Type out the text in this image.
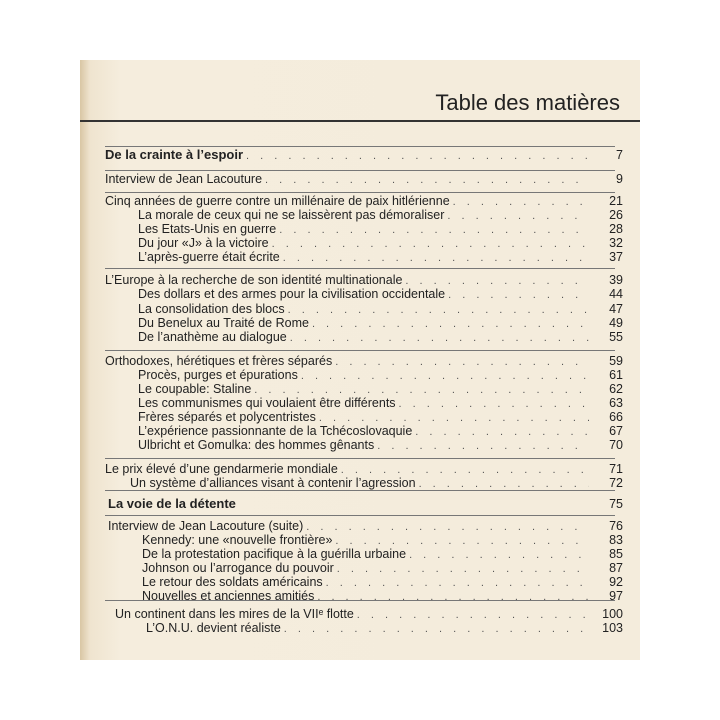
Table des matières
De la crainte à l’espoir . . .	7
Interview de Jean Lacouture . . .	9
Cinq années de guerre contre un millénaire de paix hitlérienne . . .	21
La morale de ceux qui ne se laissèrent pas démoraliser . . .	26
Les Etats-Unis en guerre . . .	28
Du jour «J» à la victoire . . .	32
L’après-guerre était écrite . . .	37
L’Europe à la recherche de son identité multinationale . . .	39
Des dollars et des armes pour la civilisation occidentale . . .	44
La consolidation des blocs . . .	47
Du Benelux au Traité de Rome . . .	49
De l’anathème au dialogue . . .	55
Orthodoxes, hérétiques et frères séparés . . .	59
Procès, purges et épurations . . .	61
Le coupable: Staline . . .	62
Les communismes qui voulaient être différents . . .	63
Frères séparés et polycentristes . . .	66
L’expérience passionnante de la Tchécoslovaquie . . .	67
Ulbricht et Gomulka: des hommes gênants . . .	70
Le prix élevé d’une gendarmerie mondiale . . .	71
Un système d’alliances visant à contenir l’agression . . .	72
La voie de la détente	75
Interview de Jean Lacouture (suite) . . .	76
Kennedy: une «nouvelle frontière» . . .	83
De la protestation pacifique à la guérilla urbaine . . .	85
Johnson ou l’arrogance du pouvoir . . .	87
Le retour des soldats américains . . .	92
Nouvelles et anciennes amitiés . . .	97
Un continent dans les mires de la VIIᵉ flotte . . .	100
L’O.N.U. devient réaliste . . .	103
